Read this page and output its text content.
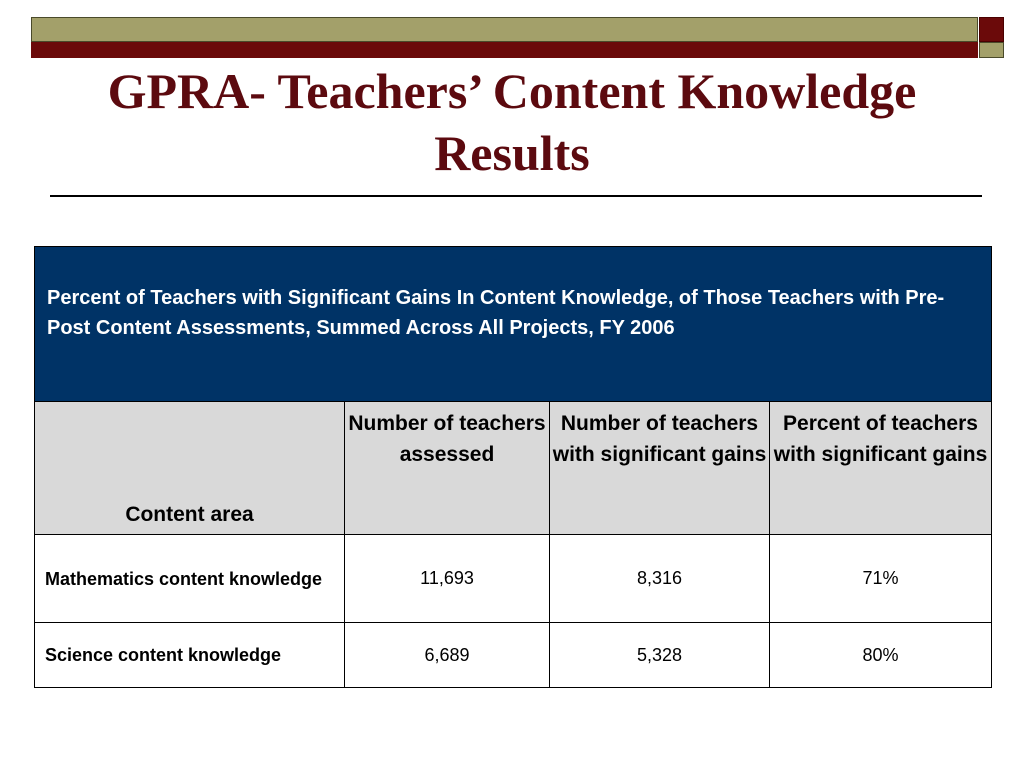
GPRA- Teachers’ Content Knowledge Results
Percent of Teachers with Significant Gains In Content Knowledge, of Those Teachers with Pre-Post Content Assessments, Summed Across All Projects, FY 2006			
Content area	Number of teachers assessed	Number of teachers with significant gains	Percent of teachers with significant gains
Mathematics content knowledge	11,693	8,316	71%
Science content knowledge	6,689	5,328	80%
